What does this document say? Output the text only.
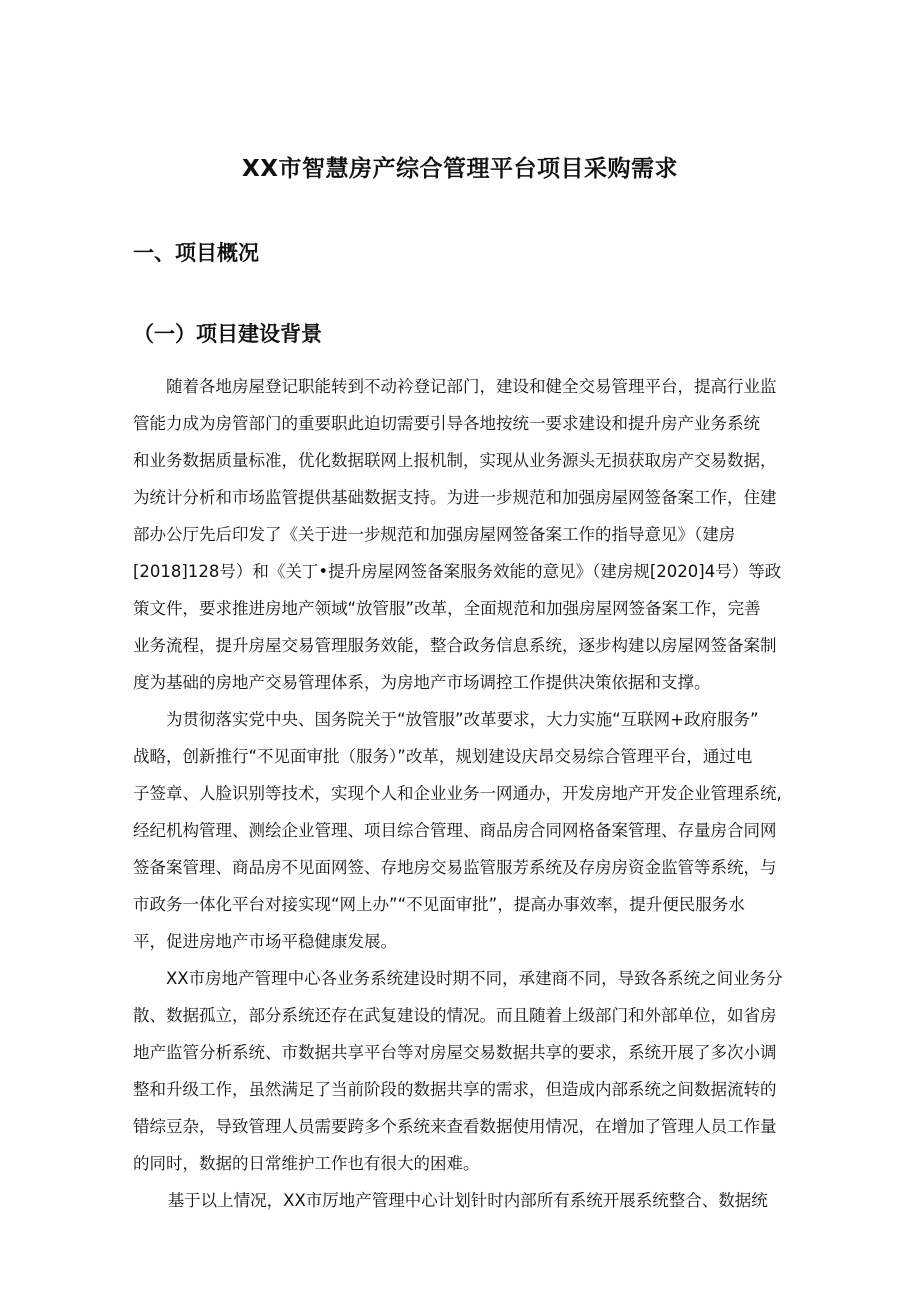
XX市智慧房产综合管理平台项目采购需求
一、项目概况
（一）项目建设背景

随着各地房屋登记职能转到不动衿登记部门，建设和健全交易管理平台，提高行业监

管能力成为房管部门的重要职此迫切需要引导各地按统一要求建设和提升房产业务系统

和业务数据质量标准，优化数据联网上报机制，实现从业务源头无损获取房产交易数据，

为统计分析和市场监管提供基础数据支持。为进一步规范和加强房屋网签备案工作，住建

部办公厅先后印发了《关于进一步规范和加强房屋网签备案工作的指导意见》（建房

[2018]128号）和《关丁•提升房屋网签备案服务效能的意见》（建房规[2020]4号）等政

策文件，要求推进房地产领域“放管服”改革，全面规范和加强房屋网签备案工作，完善

业务流程，提升房屋交易管理服务效能，整合政务信息系统，逐步构建以房屋网签备案制

度为基础的房地产交易管理体系，为房地产市场调控工作提供决策依据和支撑。

为贯彻落实党中央、国务院关于“放管服”改革要求，大力实施“互联网+政府服务”

战略，创新推行“不见面审批（服务）”改革，规划建设庆昂交易综合管理平台，通过电

子签章、人脸识别等技术，实现个人和企业业务一网通办，开发房地产开发企业管理系统,

经纪机构管理、测绘企业管理、项目综合管理、商品房合同网格备案管理、存量房合同网

签备案管理、商品房不见面网签、存地房交易监管服芳系统及存房房资金监管等系统，与

市政务一体化平台对接实现“网上办”“不见面审批”，提高办事效率，提升便民服务水

平，促进房地产市场平稳健康发展。

XX市房地产管理中心各业务系统建设时期不同，承建商不同，导致各系统之间业务分

散、数据孤立，部分系统还存在武复建设的情况。而且随着上级部门和外部单位，如省房

地产监管分析系统、市数据共享平台等对房屋交易数据共享的要求，系统开展了多次小调

整和升级工作，虽然满足了当前阶段的数据共享的需求，但造成内部系统之间数据流转的

错综豆杂，导致管理人员需要跨多个系统来查看数据使用情况，在增加了管理人员工作量

的同时，数据的日常维护工作也有很大的困难。

基于以上情况，XX市厉地产管理中心计划针时内部所有系统开展系统整合、数据统
